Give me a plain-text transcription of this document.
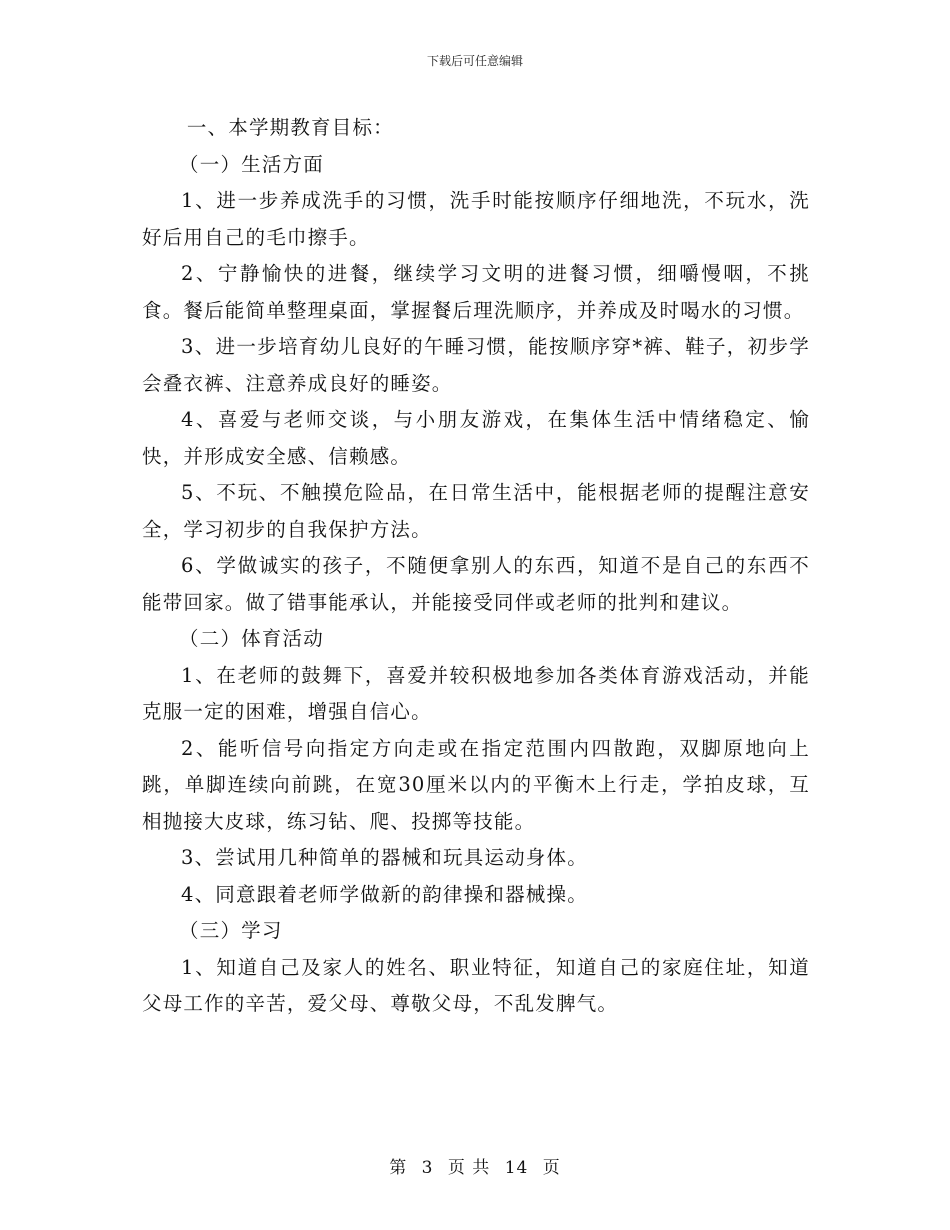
下载后可任意编辑

一、本学期教育目标：

（一）生活方面

1、进一步养成洗手的习惯，洗手时能按顺序仔细地洗，不玩水，洗好后用自己的毛巾擦手。

2、宁静愉快的进餐，继续学习文明的进餐习惯，细嚼慢咽，不挑食。餐后能简单整理桌面，掌握餐后理洗顺序，并养成及时喝水的习惯。

3、进一步培育幼儿良好的午睡习惯，能按顺序穿*裤、鞋子，初步学会叠衣裤、注意养成良好的睡姿。

4、喜爱与老师交谈，与小朋友游戏，在集体生活中情绪稳定、愉快，并形成安全感、信赖感。

5、不玩、不触摸危险品，在日常生活中，能根据老师的提醒注意安全，学习初步的自我保护方法。

6、学做诚实的孩子，不随便拿别人的东西，知道不是自己的东西不能带回家。做了错事能承认，并能接受同伴或老师的批判和建议。

（二）体育活动

1、在老师的鼓舞下，喜爱并较积极地参加各类体育游戏活动，并能克服一定的困难，增强自信心。

2、能听信号向指定方向走或在指定范围内四散跑，双脚原地向上跳，单脚连续向前跳，在宽30厘米以内的平衡木上行走，学拍皮球，互相抛接大皮球，练习钻、爬、投掷等技能。

3、尝试用几种简单的器械和玩具运动身体。

4、同意跟着老师学做新的韵律操和器械操。

（三）学习

1、知道自己及家人的姓名、职业特征，知道自己的家庭住址，知道父母工作的辛苦，爱父母、尊敬父母，不乱发脾气。

第 3 页 共 14 页
